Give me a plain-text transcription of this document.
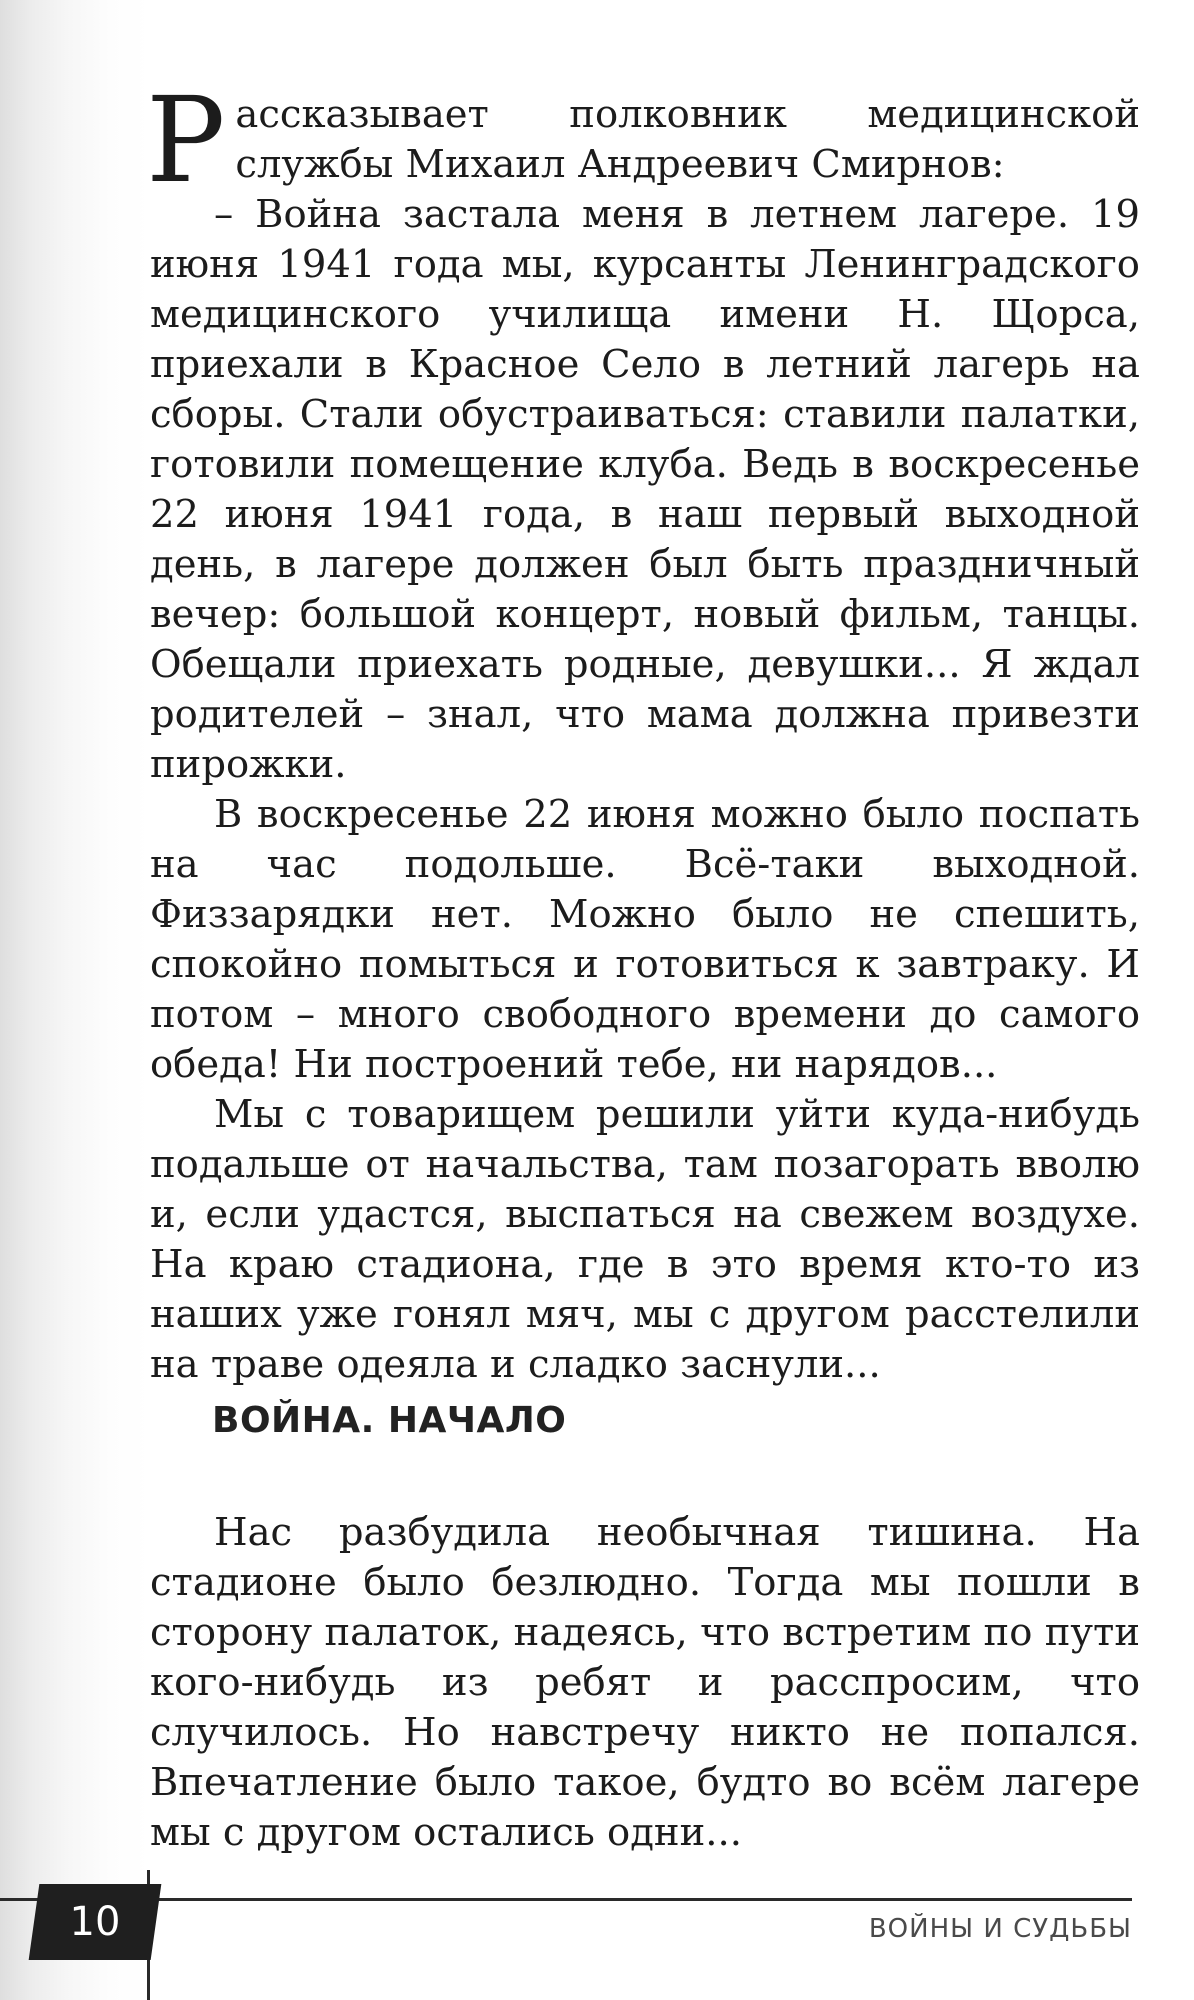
Рассказывает полковник медицинской службы Михаил Андреевич Смирнов:

– Война застала меня в летнем лагере. 19 июня 1941 года мы, курсанты Ленинградского медицинского училища имени Н. Щорса, приехали в Красное Село в летний лагерь на сборы. Стали обустраиваться: ставили палатки, готовили помещение клуба. Ведь в воскресенье 22 июня 1941 года, в наш первый выходной день, в лагере должен был быть праздничный вечер: большой концерт, новый фильм, танцы. Обещали приехать родные, девушки... Я ждал родителей – знал, что мама должна привезти пирожки.

В воскресенье 22 июня можно было поспать на час подольше. Всё-таки выходной. Физзарядки нет. Можно было не спешить, спокойно помыться и готовиться к завтраку. И потом – много свободного времени до самого обеда! Ни построений тебе, ни нарядов...

Мы с товарищем решили уйти куда-нибудь подальше от начальства, там позагорать вволю и, если удастся, выспаться на свежем воздухе. На краю стадиона, где в это время кто-то из наших уже гонял мяч, мы с другом расстелили на траве одеяла и сладко заснули...

ВОЙНА. НАЧАЛО

Нас разбудила необычная тишина. На стадионе было безлюдно. Тогда мы пошли в сторону палаток, надеясь, что встретим по пути кого-нибудь из ребят и расспросим, что случилось. Но навстречу никто не попался. Впечатление было такое, будто во всём лагере мы с другом остались одни...

10	ВОЙНЫ И СУДЬБЫ
